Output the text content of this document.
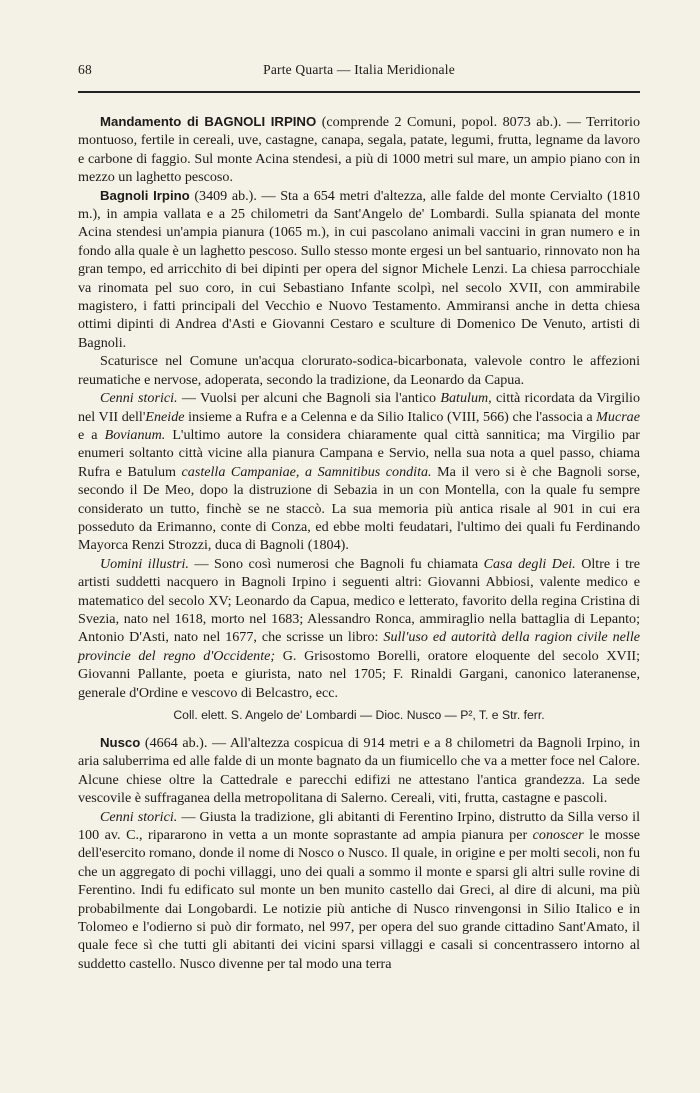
68	Parte Quarta — Italia Meridionale

Mandamento di BAGNOLI IRPINO (comprende 2 Comuni, popol. 8073 ab.). — Territorio montuoso, fertile in cereali, uve, castagne, canapa, segala, patate, legumi, frutta, legname da lavoro e carbone di faggio. Sul monte Acina stendesi, a più di 1000 metri sul mare, un ampio piano con in mezzo un laghetto pescoso.

Bagnoli Irpino (3409 ab.). — Sta a 654 metri d'altezza, alle falde del monte Cervialto (1810 m.), in ampia vallata e a 25 chilometri da Sant'Angelo de' Lombardi. Sulla spianata del monte Acina stendesi un'ampia pianura (1065 m.), in cui pascolano animali vaccini in gran numero e in fondo alla quale è un laghetto pescoso. Sullo stesso monte ergesi un bel santuario, rinnovato non ha gran tempo, ed arricchito di bei dipinti per opera del signor Michele Lenzi. La chiesa parrocchiale va rinomata pel suo coro, in cui Sebastiano Infante scolpì, nel secolo XVII, con ammirabile magistero, i fatti principali del Vecchio e Nuovo Testamento. Ammiransi anche in detta chiesa ottimi dipinti di Andrea d'Asti e Giovanni Cestaro e sculture di Domenico De Venuto, artisti di Bagnoli.

Scaturisce nel Comune un'acqua clorurato-sodica-bicarbonata, valevole contro le affezioni reumatiche e nervose, adoperata, secondo la tradizione, da Leonardo da Capua.

Cenni storici. — Vuolsi per alcuni che Bagnoli sia l'antico Batulum, città ricordata da Virgilio nel VII dell'Eneide insieme a Rufra e a Celenna e da Silio Italico (VIII, 566) che l'associa a Mucrae e a Bovianum. L'ultimo autore la considera chiaramente qual città sannitica; ma Virgilio par enumeri soltanto città vicine alla pianura Campana e Servio, nella sua nota a quel passo, chiama Rufra e Batulum castella Campaniae, a Samnitibus condita. Ma il vero si è che Bagnoli sorse, secondo il De Meo, dopo la distruzione di Sebazia in un con Montella, con la quale fu sempre considerato un tutto, finchè se ne staccò. La sua memoria più antica risale al 901 in cui era posseduto da Erimanno, conte di Conza, ed ebbe molti feudatari, l'ultimo dei quali fu Ferdinando Mayorca Renzi Strozzi, duca di Bagnoli (1804).

Uomini illustri. — Sono così numerosi che Bagnoli fu chiamata Casa degli Dei. Oltre i tre artisti suddetti nacquero in Bagnoli Irpino i seguenti altri: Giovanni Abbiosi, valente medico e matematico del secolo XV; Leonardo da Capua, medico e letterato, favorito della regina Cristina di Svezia, nato nel 1618, morto nel 1683; Alessandro Ronca, ammiraglio nella battaglia di Lepanto; Antonio D'Asti, nato nel 1677, che scrisse un libro: Sull'uso ed autorità della ragion civile nelle provincie del regno d'Occidente; G. Grisostomo Borelli, oratore eloquente del secolo XVII; Giovanni Pallante, poeta e giurista, nato nel 1705; F. Rinaldi Gargani, canonico lateranense, generale d'Ordine e vescovo di Belcastro, ecc.

Coll. elett. S. Angelo de' Lombardi — Dioc. Nusco — P², T. e Str. ferr.

Nusco (4664 ab.). — All'altezza cospicua di 914 metri e a 8 chilometri da Bagnoli Irpino, in aria saluberrima ed alle falde di un monte bagnato da un fiumicello che va a metter foce nel Calore. Alcune chiese oltre la Cattedrale e parecchi edifizi ne attestano l'antica grandezza. La sede vescovile è suffraganea della metropolitana di Salerno. Cereali, viti, frutta, castagne e pascoli.

Cenni storici. — Giusta la tradizione, gli abitanti di Ferentino Irpino, distrutto da Silla verso il 100 av. C., ripararono in vetta a un monte soprastante ad ampia pianura per conoscer le mosse dell'esercito romano, donde il nome di Nosco o Nusco. Il quale, in origine e per molti secoli, non fu che un aggregato di pochi villaggi, uno dei quali a sommo il monte e sparsi gli altri sulle rovine di Ferentino. Indi fu edificato sul monte un ben munito castello dai Greci, al dire di alcuni, ma più probabilmente dai Longobardi. Le notizie più antiche di Nusco rinvengonsi in Silio Italico e in Tolomeo e l'odierno si può dir formato, nel 997, per opera del suo grande cittadino Sant'Amato, il quale fece sì che tutti gli abitanti dei vicini sparsi villaggi e casali si concentrassero intorno al suddetto castello. Nusco divenne per tal modo una terra
